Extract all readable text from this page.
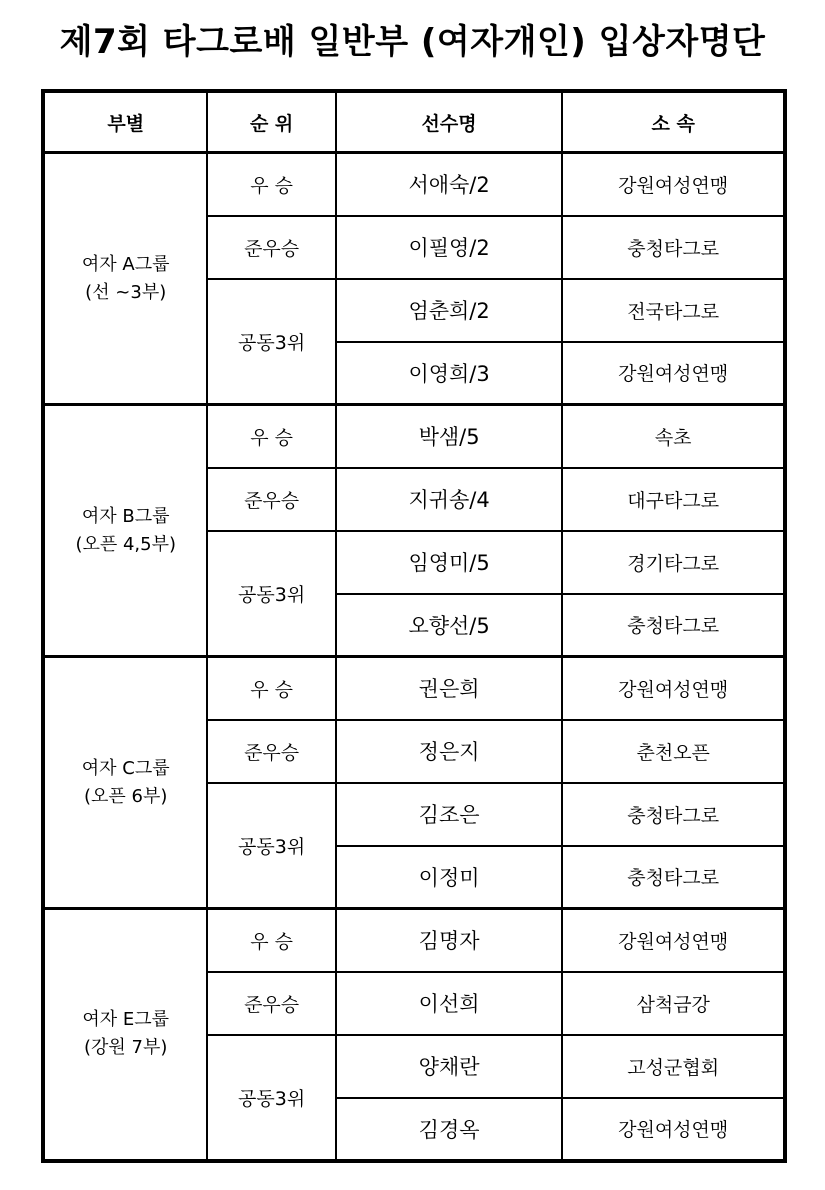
제7회 타그로배 일반부 (여자개인) 입상자명단
부별	순 위	선수명	소 속

여자 A그룹
(선 ~3부)	우 승	서애숙/2	강원여성연맹
	준우승	이필영/2	충청타그로
	공동3위	엄춘희/2	전국타그로
		이영희/3	강원여성연맹

여자 B그룹
(오픈 4,5부)	우 승	박샘/5	속초
	준우승	지귀송/4	대구타그로
	공동3위	임영미/5	경기타그로
		오향선/5	충청타그로

여자 C그룹
(오픈 6부)	우 승	권은희	강원여성연맹
	준우승	정은지	춘천오픈
	공동3위	김조은	충청타그로
		이정미	충청타그로

여자 E그룹
(강원 7부)	우 승	김명자	강원여성연맹
	준우승	이선희	삼척금강
	공동3위	양채란	고성군협회
		김경옥	강원여성연맹
